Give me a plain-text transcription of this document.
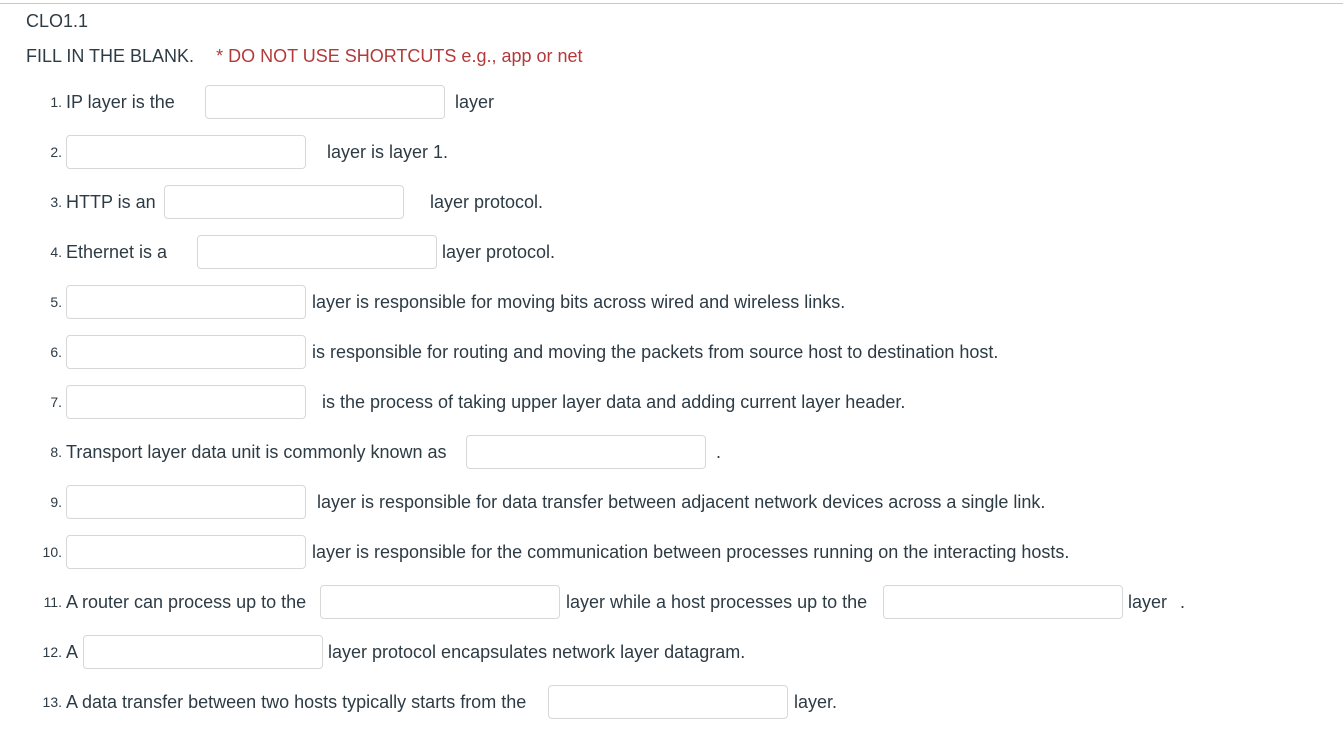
CLO1.1
FILL IN THE BLANK. * DO NOT USE SHORTCUTS e.g., app or net
1. IP layer is the	layer
2.	layer is layer 1.
3. HTTP is an	layer protocol.
4. Ethernet is a	layer protocol.
5.	layer is responsible for moving bits across wired and wireless links.
6.	is responsible for routing and moving the packets from source host to destination host.
7.	is the process of taking upper layer data and adding current layer header.
8. Transport layer data unit is commonly known as	.
9.	layer is responsible for data transfer between adjacent network devices across a single link.
10.	layer is responsible for the communication between processes running on the interacting hosts.
11. A router can process up to the	layer while a host processes up to the	layer .
12. A	layer protocol encapsulates network layer datagram.
13. A data transfer between two hosts typically starts from the	layer.
